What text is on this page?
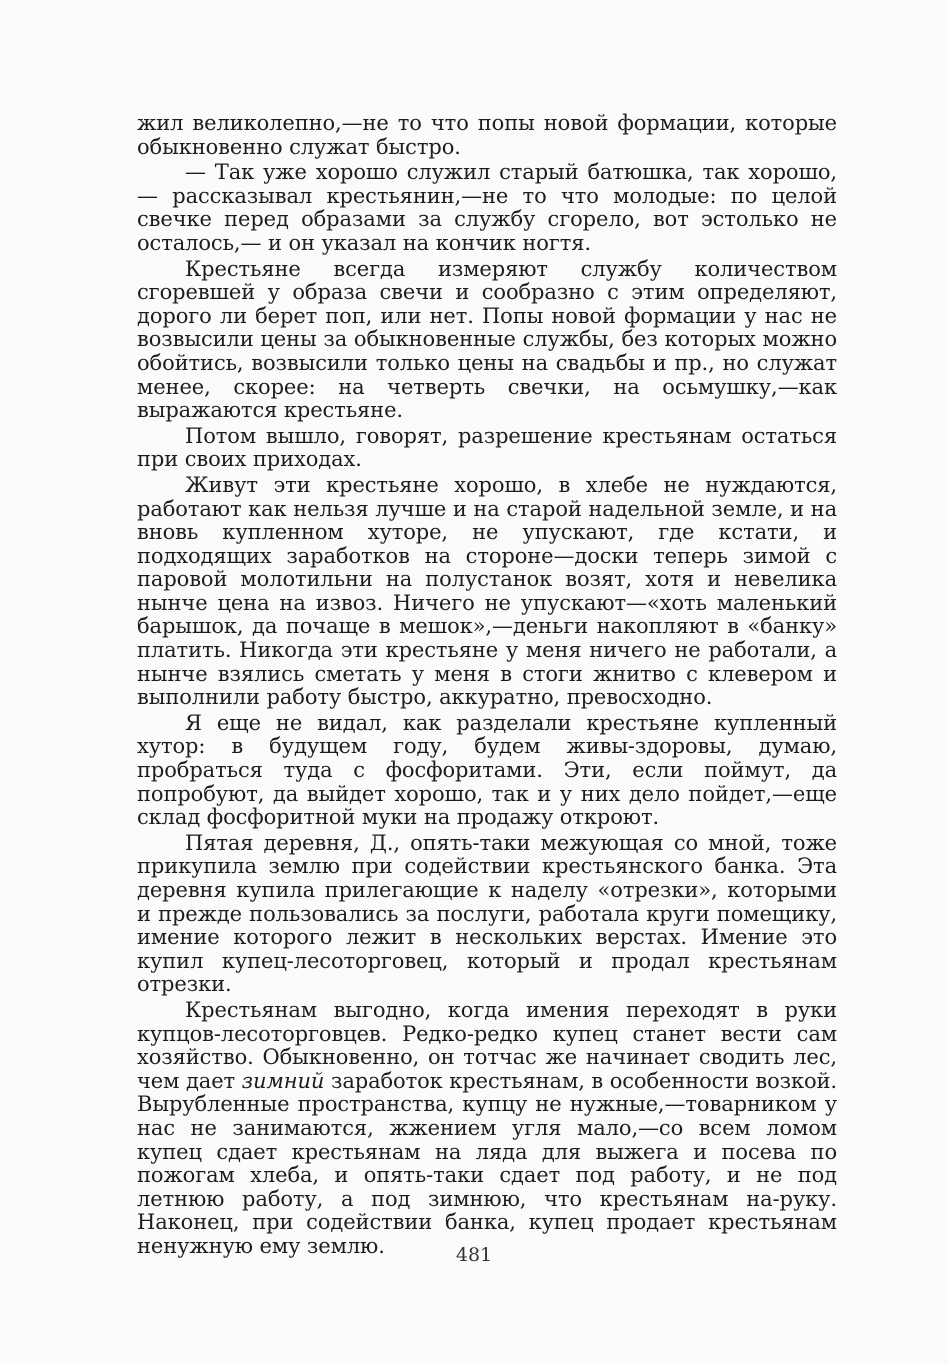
жил великолепно,—не то что попы новой формации, которые обыкновенно служат быстро.

— Так уже хорошо служил старый батюшка, так хорошо,— рассказывал крестьянин,—не то что молодые: по целой свечке перед образами за службу сгорело, вот эстолько не осталось,— и он указал на кончик ногтя.

Крестьяне всегда измеряют службу количеством сгоревшей у образа свечи и сообразно с этим определяют, дорого ли берет поп, или нет. Попы новой формации у нас не возвысили цены за обыкновенные службы, без которых можно обойтись, возвысили только цены на свадьбы и пр., но служат менее, скорее: на четверть свечки, на осьмушку,—как выражаются крестьяне.

Потом вышло, говорят, разрешение крестьянам остаться при своих приходах.

Живут эти крестьяне хорошо, в хлебе не нуждаются, работают как нельзя лучше и на старой надельной земле, и на вновь купленном хуторе, не упускают, где кстати, и подходящих заработков на стороне—доски теперь зимой с паровой молотильни на полустанок возят, хотя и невелика нынче цена на извоз. Ничего не упускают—«хоть маленький барышок, да почаще в мешок»,—деньги накопляют в «банку» платить. Никогда эти крестьяне у меня ничего не работали, а нынче взялись сметать у меня в стоги жнитво с клевером и выполнили работу быстро, аккуратно, превосходно.

Я еще не видал, как разделали крестьяне купленный хутор: в будущем году, будем живы-здоровы, думаю, пробраться туда с фосфоритами. Эти, если поймут, да попробуют, да выйдет хорошо, так и у них дело пойдет,—еще склад фосфоритной муки на продажу откроют.

Пятая деревня, Д., опять-таки межующая со мной, тоже прикупила землю при содействии крестьянского банка. Эта деревня купила прилегающие к наделу «отрезки», которыми и прежде пользовались за послуги, работала круги помещику, имение которого лежит в нескольких верстах. Имение это купил купец-лесоторговец, который и продал крестьянам отрезки.

Крестьянам выгодно, когда имения переходят в руки купцов-лесоторговцев. Редко-редко купец станет вести сам хозяйство. Обыкновенно, он тотчас же начинает сводить лес, чем дает зимний заработок крестьянам, в особенности возкой. Вырубленные пространства, купцу не нужные,—товарником у нас не занимаются, жжением угля мало,—со всем ломом купец сдает крестьянам на ляда для выжега и посева по пожогам хлеба, и опять-таки сдает под работу, и не под летнюю работу, а под зимнюю, что крестьянам на-руку. Наконец, при содействии банка, купец продает крестьянам ненужную ему землю.	481
